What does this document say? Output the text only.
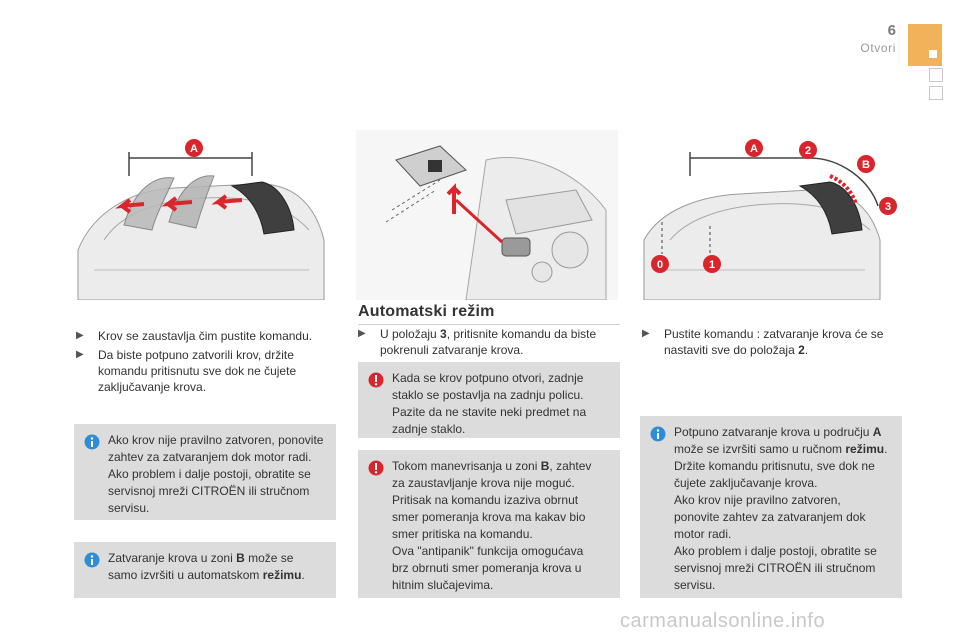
6
Otvori
A	A	2
B
3
0	1
▶	Krov se zaustavlja čim pustite komandu.
▶	Da biste potpuno zatvorili krov, držite komandu pritisnutu sve dok ne čujete zaključavanje krova.
Ako krov nije pravilno zatvoren, ponovite
zahtev za zatvaranjem dok motor radi.
Ako problem i dalje postoji, obratite se
servisnoj mreži CITROËN ili stručnom
servisu.
Zatvaranje krova u zoni B može se
samo izvršiti u automatskom režimu.
Automatski režim
▶	U položaju 3, pritisnite komandu da biste pokrenuli zatvaranje krova.
Kada se krov potpuno otvori, zadnje
staklo se postavlja na zadnju policu.
Pazite da ne stavite neki predmet na
zadnje staklo.
Tokom manevrisanja u zoni B, zahtev
za zaustavljanje krova nije moguć.
Pritisak na komandu izaziva obrnut
smer pomeranja krova ma kakav bio
smer pritiska na komandu.
Ova "antipanik" funkcija omogućava
brz obrnuti smer pomeranja krova u
hitnim slučajevima.
▶	Pustite komandu : zatvaranje krova će se nastaviti sve do položaja 2.
Potpuno zatvaranje krova u području A
može se izvršiti samo u ručnom režimu.
Držite komandu pritisnutu, sve dok ne
čujete zaključavanje krova.
Ako krov nije pravilno zatvoren,
ponovite zahtev za zatvaranjem dok
motor radi.
Ako problem i dalje postoji, obratite se
servisnoj mreži CITROËN ili stručnom
servisu.
carmanualsonline.info
